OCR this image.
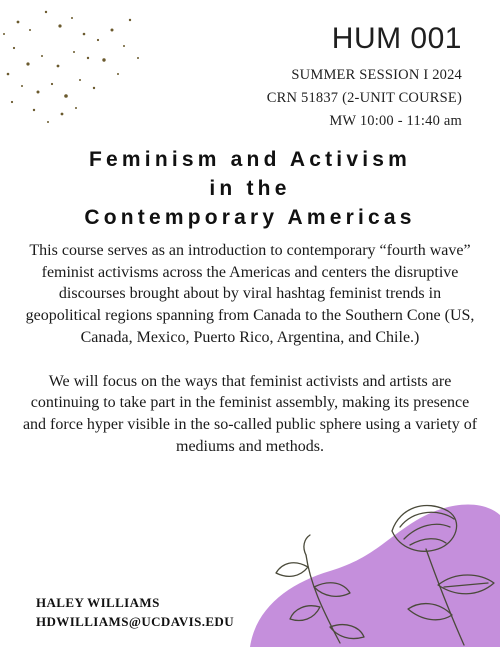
HUM 001
SUMMER SESSION I 2024
CRN 51837 (2-UNIT COURSE)
MW 10:00 - 11:40 am
Feminism and Activism
in the
Contemporary Americas

This course serves as an introduction to contemporary “fourth wave” feminist activisms across the Americas and centers the disruptive discourses brought about by viral hashtag feminist trends in geopolitical regions spanning from Canada to the Southern Cone (US, Canada, Mexico, Puerto Rico, Argentina, and Chile.)

We will focus on the ways that feminist activists and artists are continuing to take part in the feminist assembly, making its presence and force hyper visible in the so-called public sphere using a variety of mediums and methods.

HALEY WILLIAMS
HDWILLIAMS@UCDAVIS.EDU
